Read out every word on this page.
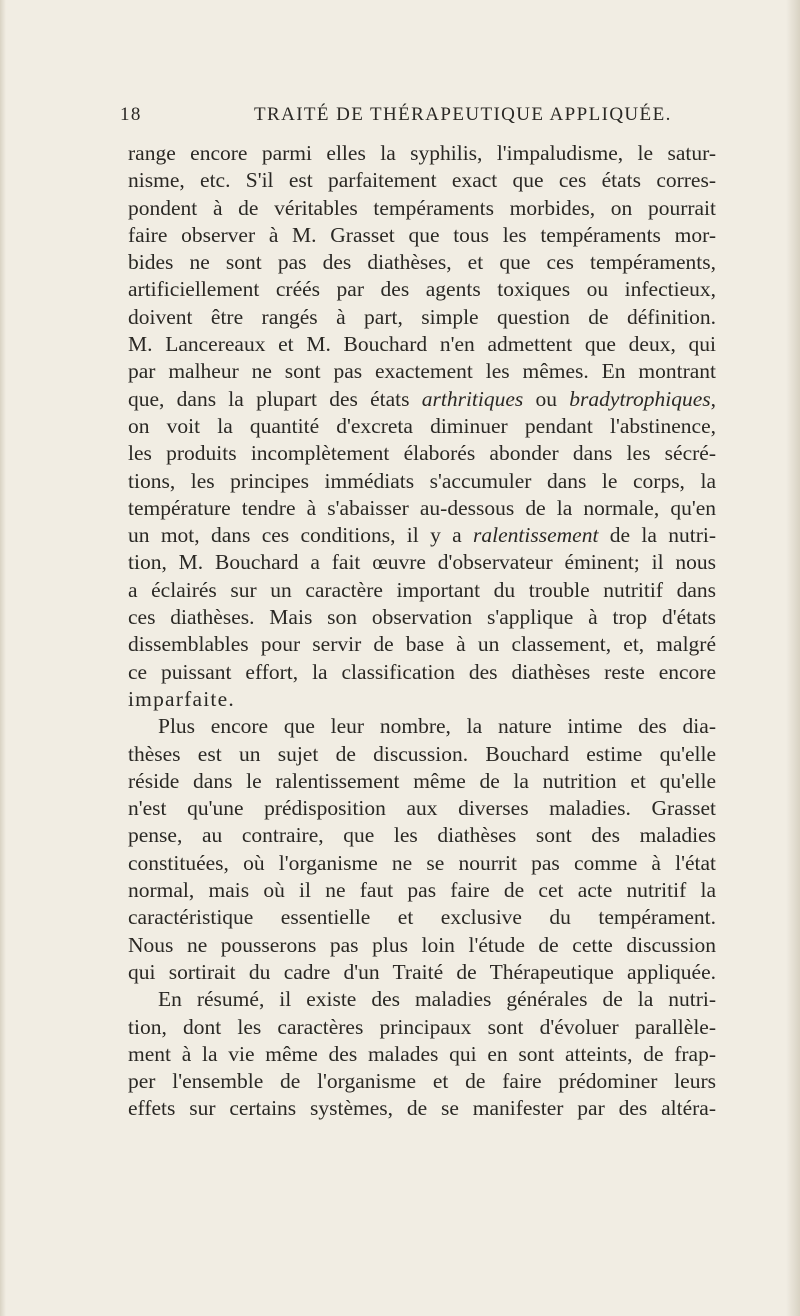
18	TRAITÉ DE THÉRAPEUTIQUE APPLIQUÉE.
range encore parmi elles la syphilis, l'impaludisme, le satur-
nisme, etc. S'il est parfaitement exact que ces états corres-
pondent à de véritables tempéraments morbides, on pourrait
faire observer à M. Grasset que tous les tempéraments mor-
bides ne sont pas des diathèses, et que ces tempéraments,
artificiellement créés par des agents toxiques ou infectieux,
doivent être rangés à part, simple question de définition.
M. Lancereaux et M. Bouchard n'en admettent que deux, qui
par malheur ne sont pas exactement les mêmes. En montrant
que, dans la plupart des états arthritiques ou bradytrophiques,
on voit la quantité d'excreta diminuer pendant l'abstinence,
les produits incomplètement élaborés abonder dans les sécré-
tions, les principes immédiats s'accumuler dans le corps, la
température tendre à s'abaisser au-dessous de la normale, qu'en
un mot, dans ces conditions, il y a ralentissement de la nutri-
tion, M. Bouchard a fait œuvre d'observateur éminent; il nous
a éclairés sur un caractère important du trouble nutritif dans
ces diathèses. Mais son observation s'applique à trop d'états
dissemblables pour servir de base à un classement, et, malgré
ce puissant effort, la classification des diathèses reste encore
imparfaite.
Plus encore que leur nombre, la nature intime des dia-
thèses est un sujet de discussion. Bouchard estime qu'elle
réside dans le ralentissement même de la nutrition et qu'elle
n'est qu'une prédisposition aux diverses maladies. Grasset
pense, au contraire, que les diathèses sont des maladies
constituées, où l'organisme ne se nourrit pas comme à l'état
normal, mais où il ne faut pas faire de cet acte nutritif la
caractéristique essentielle et exclusive du tempérament.
Nous ne pousserons pas plus loin l'étude de cette discussion
qui sortirait du cadre d'un Traité de Thérapeutique appliquée.
En résumé, il existe des maladies générales de la nutri-
tion, dont les caractères principaux sont d'évoluer parallèle-
ment à la vie même des malades qui en sont atteints, de frap-
per l'ensemble de l'organisme et de faire prédominer leurs
effets sur certains systèmes, de se manifester par des altéra-
